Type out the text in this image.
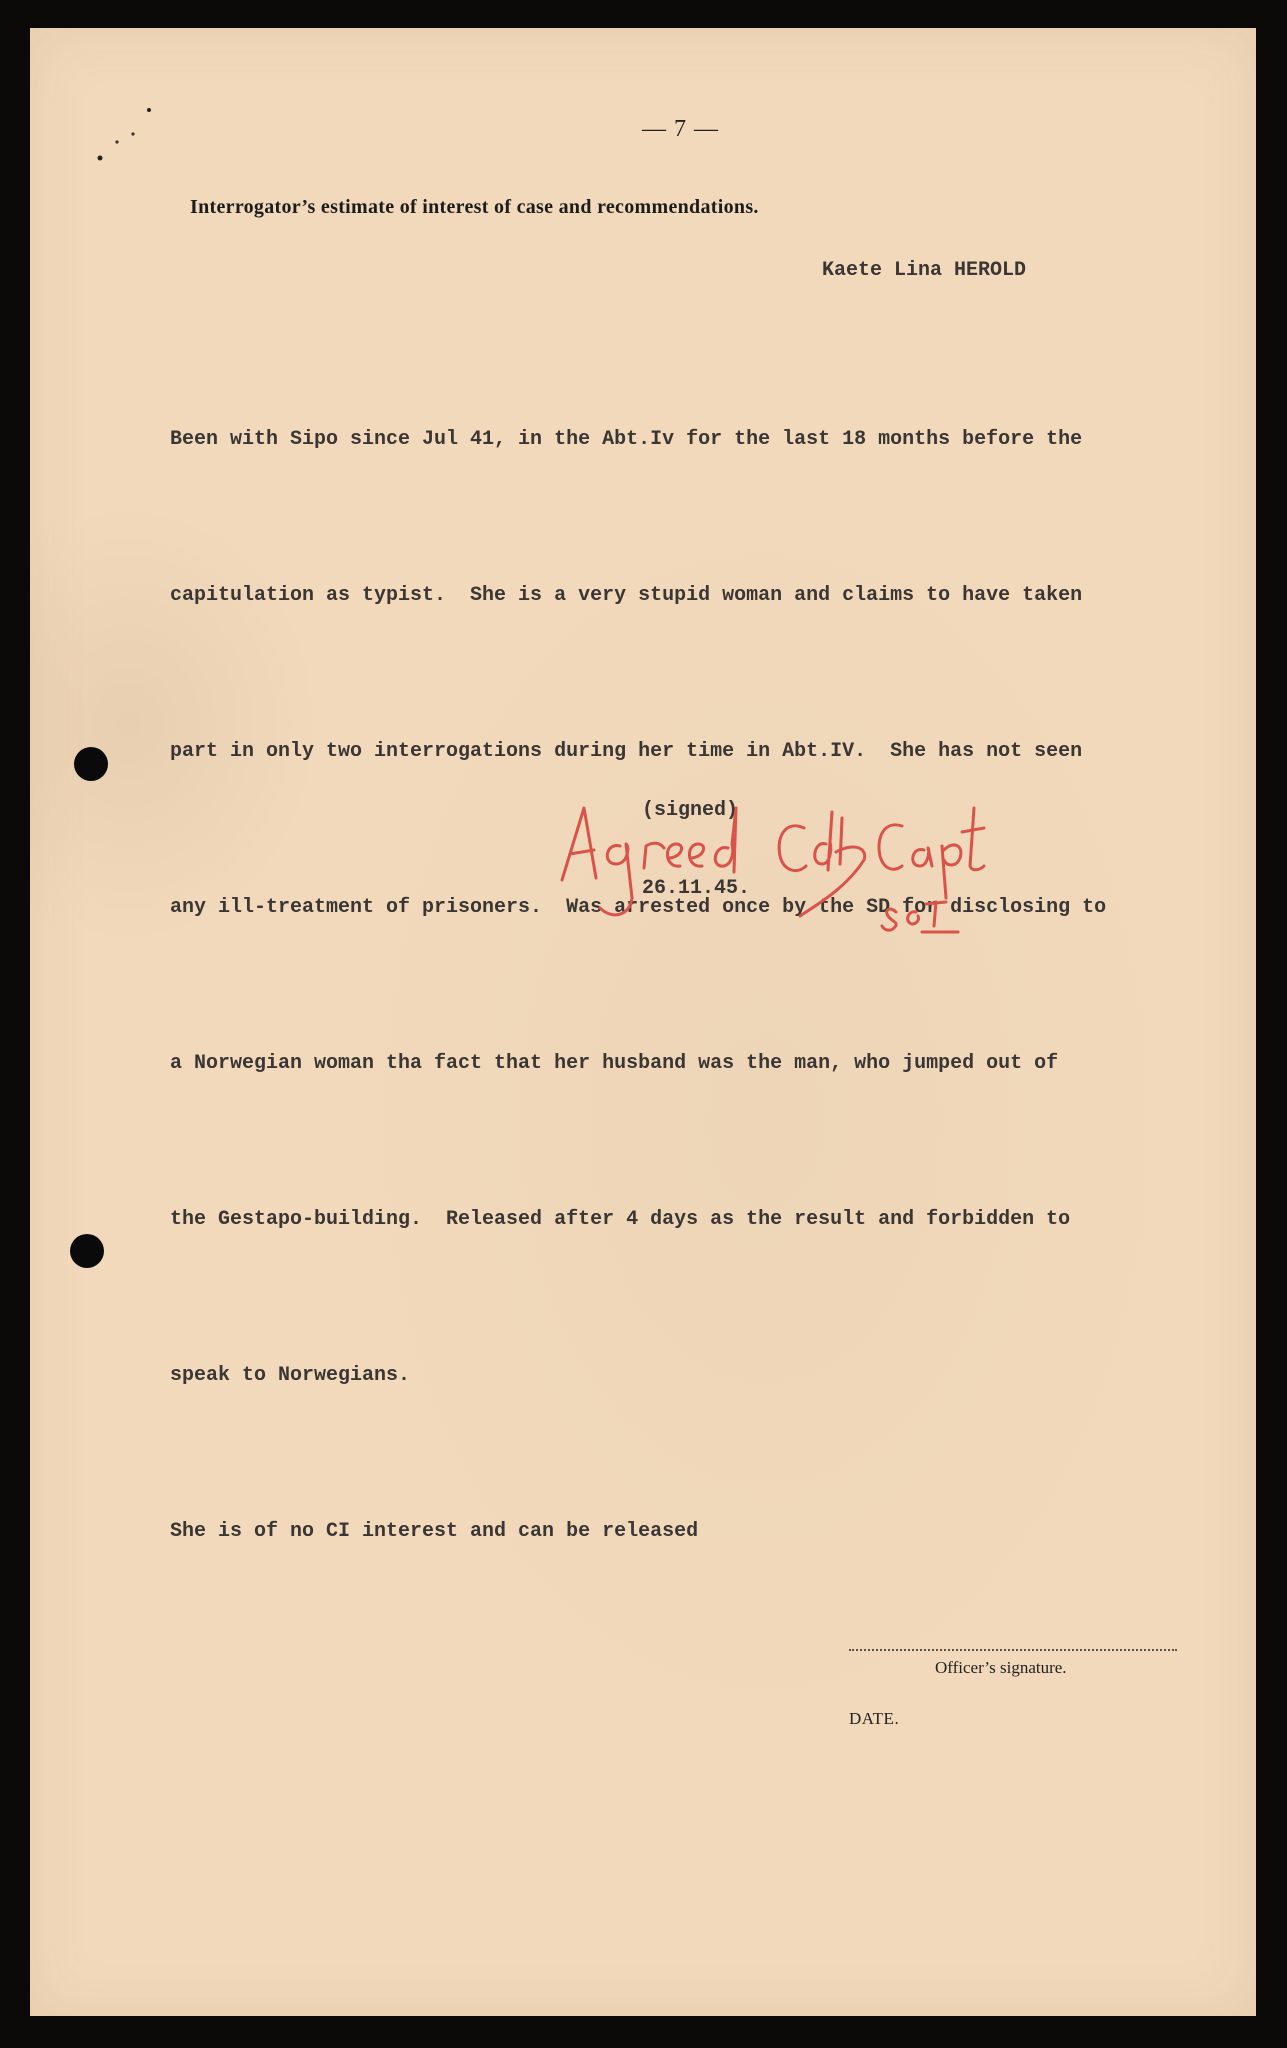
— 7 —
Interrogator’s estimate of interest of case and recommendations.
Kaete Lina HEROLD

Been with Sipo since Jul 41, in the Abt.Iv for the last 18 months before the

capitulation as typist.  She is a very stupid woman and claims to have taken

part in only two interrogations during her time in Abt.IV.  She has not seen

any ill-treatment of prisoners.  Was arrested once by the SD for disclosing to

a Norwegian woman tha fact that her husband was the man, who jumped out of

the Gestapo-building.  Released after 4 days as the result and forbidden to

speak to Norwegians.

She is of no CI interest and can be released

(signed)

26.11.45.

Officer’s signature.
DATE.
